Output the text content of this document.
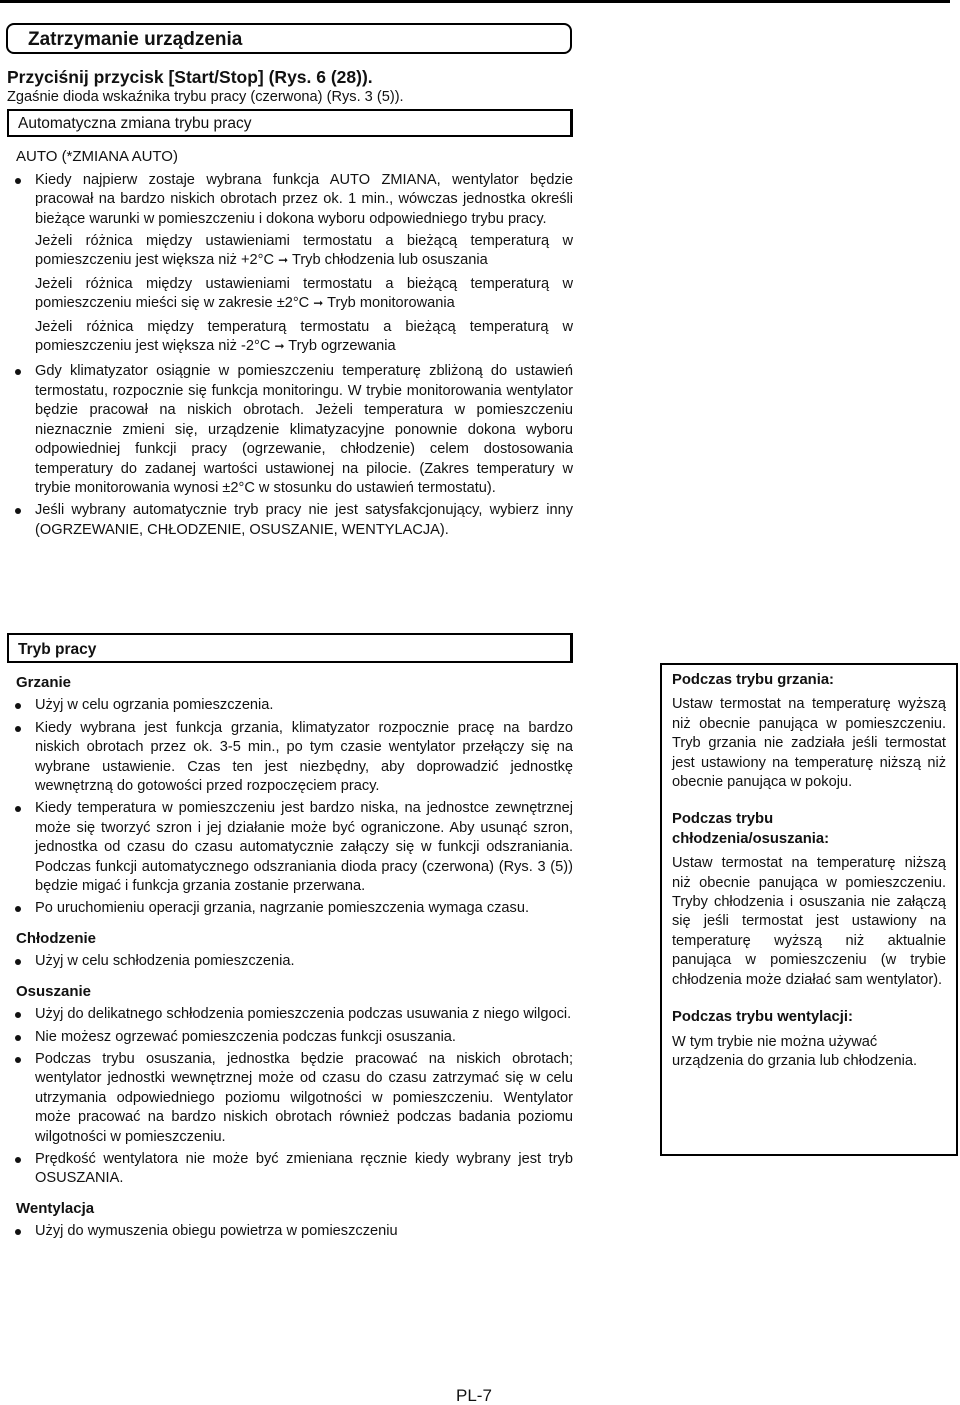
Zatrzymanie urządzenia

Przyciśnij przycisk [Start/Stop] (Rys. 6 (28)).

Zgaśnie dioda wskaźnika trybu pracy (czerwona) (Rys. 3 (5)).

Automatyczna zmiana trybu pracy

AUTO (*ZMIANA AUTO)

Kiedy najpierw zostaje wybrana funkcja AUTO ZMIANA, wentylator będzie pracował na bardzo niskich obrotach przez ok. 1 min., wówczas jednostka określi bieżące warunki w pomieszczeniu i dokona wyboru odpowiedniego trybu pracy.

Jeżeli różnica między ustawieniami termostatu a bieżącą temperaturą w pomieszczeniu jest większa niż +2°C ➞ Tryb chłodzenia lub osuszania

Jeżeli różnica między ustawieniami termostatu a bieżącą temperaturą w pomieszczeniu mieści się w zakresie ±2°C ➞ Tryb monitorowania

Jeżeli różnica między temperaturą termostatu a bieżącą temperaturą w pomieszczeniu jest większa niż -2°C ➞ Tryb ogrzewania

Gdy klimatyzator osiągnie w pomieszczeniu temperaturę zbliżoną do ustawień termostatu, rozpocznie się funkcja monitoringu. W trybie monitorowania wentylator będzie pracował na niskich obrotach. Jeżeli temperatura w pomieszczeniu nieznacznie zmieni się, urządzenie klimatyzacyjne ponownie dokona wyboru odpowiedniej funkcji pracy (ogrzewanie, chłodzenie) celem dostosowania temperatury do zadanej wartości ustawionej na pilocie. (Zakres temperatury w trybie monitorowania wynosi ±2°C w stosunku do ustawień termostatu).
Jeśli wybrany automatycznie tryb pracy nie jest satysfakcjonujący, wybierz inny (OGRZEWANIE, CHŁODZENIE, OSUSZANIE, WENTYLACJA).
Tryb pracy

Grzanie

Użyj w celu ogrzania pomieszczenia.
Kiedy wybrana jest funkcja grzania, klimatyzator rozpocznie pracę na bardzo niskich obrotach przez ok. 3-5 min., po tym czasie wentylator przełączy się na wybrane ustawienie. Czas ten jest niezbędny, aby doprowadzić jednostkę wewnętrzną do gotowości przed rozpoczęciem pracy.
Kiedy temperatura w pomieszczeniu jest bardzo niska, na jednostce zewnętrznej może się tworzyć szron i jej działanie może być ograniczone. Aby usunąć szron, jednostka od czasu do czasu automatycznie załączy się w funkcji odszraniania. Podczas funkcji automatycznego odszraniania dioda pracy (czerwona) (Rys. 3 (5)) będzie migać i funkcja grzania zostanie przerwana.
Po uruchomieniu operacji grzania, nagrzanie pomieszczenia wymaga czasu.

Chłodzenie

Użyj w celu schłodzenia pomieszczenia.

Osuszanie

Użyj do delikatnego schłodzenia pomieszczenia podczas usuwania z niego wilgoci.
Nie możesz ogrzewać pomieszczenia podczas funkcji osuszania.
Podczas trybu osuszania, jednostka będzie pracować na niskich obrotach; wentylator jednostki wewnętrznej może od czasu do czasu zatrzymać się w celu utrzymania odpowiedniego poziomu wilgotności w pomieszczeniu. Wentylator może pracować na bardzo niskich obrotach również podczas badania poziomu wilgotności w pomieszczeniu.
Prędkość wentylatora nie może być zmieniana ręcznie kiedy wybrany jest tryb OSUSZANIA.

Wentylacja

Użyj do wymuszenia obiegu powietrza w pomieszczeniu

Podczas trybu grzania:

Ustaw termostat na temperaturę wyższą niż obecnie panująca w pomieszczeniu. Tryb grzania nie zadziała jeśli termostat jest ustawiony na temperaturę niższą niż obecnie panująca w pokoju.

Podczas trybu chłodzenia/osuszania:

Ustaw termostat na temperaturę niższą niż obecnie panująca w pomieszczeniu. Tryby chłodzenia i osuszania nie załączą się jeśli termostat jest ustawiony na temperaturę wyższą niż aktualnie panująca w pomieszczeniu (w trybie chłodzenia może działać sam wentylator).

Podczas trybu wentylacji:

W tym trybie nie można używać urządzenia do grzania lub chłodzenia.

PL-7
